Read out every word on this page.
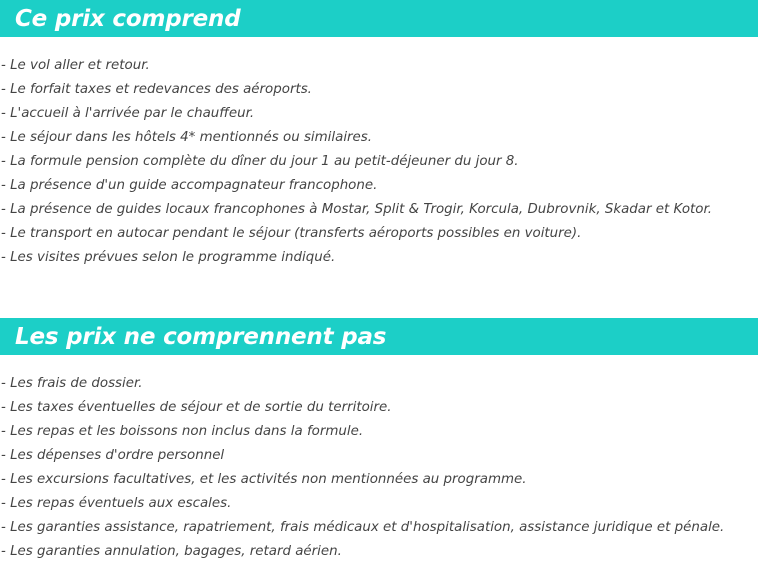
Ce prix comprend
- Le vol aller et retour.
- Le forfait taxes et redevances des aéroports.
- L'accueil à l'arrivée par le chauffeur.
- Le séjour dans les hôtels 4* mentionnés ou similaires.
- La formule pension complète du dîner du jour 1 au petit-déjeuner du jour 8.
- La présence d'un guide accompagnateur francophone.
- La présence de guides locaux francophones à Mostar, Split & Trogir, Korcula, Dubrovnik, Skadar et Kotor.
- Le transport en autocar pendant le séjour (transferts aéroports possibles en voiture).
- Les visites prévues selon le programme indiqué.
Les prix ne comprennent pas
- Les frais de dossier.
- Les taxes éventuelles de séjour et de sortie du territoire.
- Les repas et les boissons non inclus dans la formule.
- Les dépenses d'ordre personnel
- Les excursions facultatives, et les activités non mentionnées au programme.
- Les repas éventuels aux escales.
- Les garanties assistance, rapatriement, frais médicaux et d'hospitalisation, assistance juridique et pénale.
- Les garanties annulation, bagages, retard aérien.
